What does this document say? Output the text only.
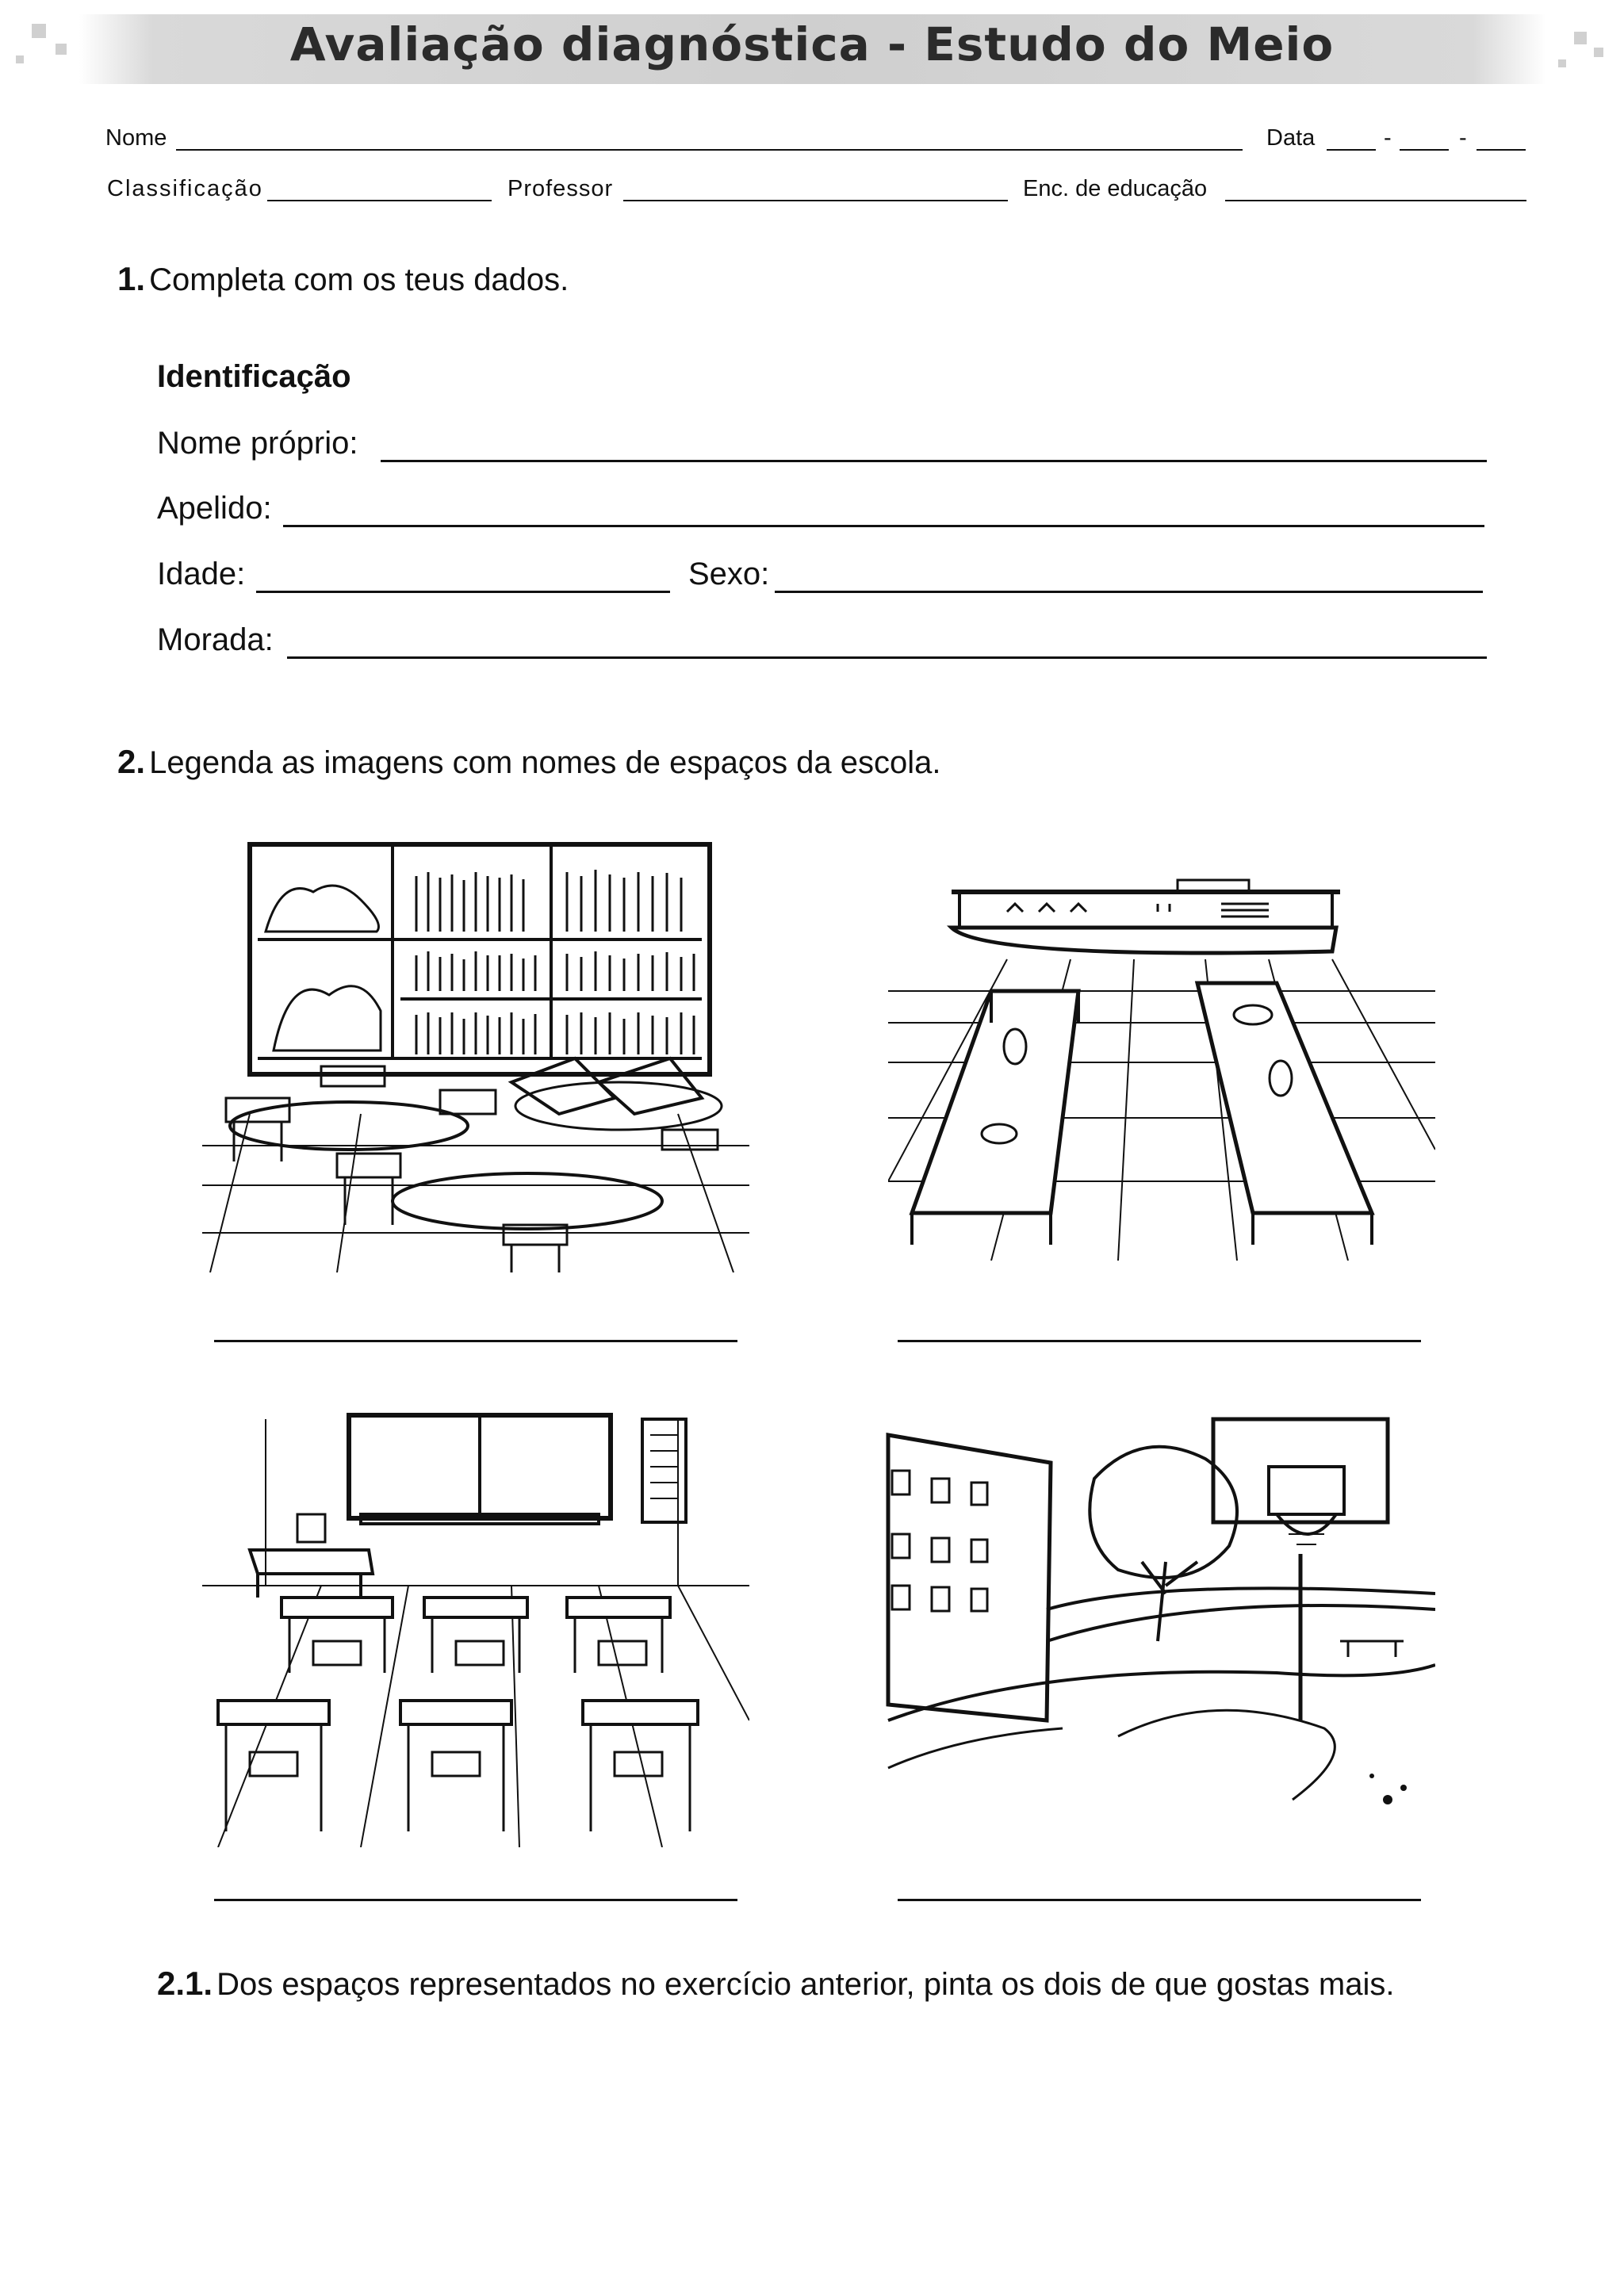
Avaliação diagnóstica - Estudo do Meio
Nome	Data	-	-
Classificação	Professor	Enc. de educação
1. Completa com os teus dados.
Identificação
Nome próprio:
Apelido:
Idade:	Sexo:
Morada:
2. Legenda as imagens com nomes de espaços da escola.
2.1. Dos espaços representados no exercício anterior, pinta os dois de que gostas mais.
